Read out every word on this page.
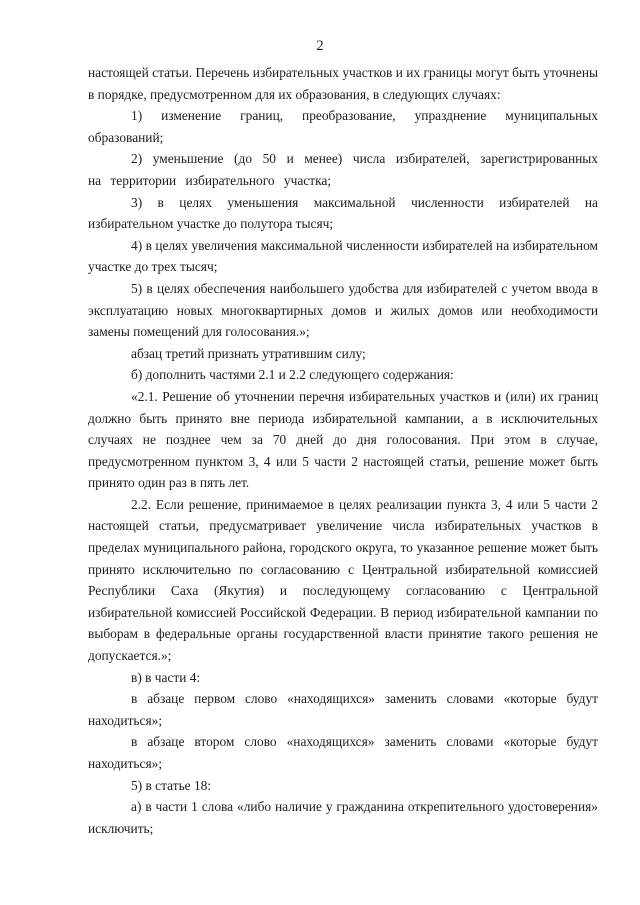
2

настоящей статьи. Перечень избирательных участков и их границы могут быть уточнены в порядке, предусмотренном для их образования, в следующих случаях:

1) изменение границ, преобразование, упразднение муниципальных образований;

2) уменьшение (до 50 и менее) числа избирателей, зарегистрированных на территории избирательного участка;

3) в целях уменьшения максимальной численности избирателей на избирательном участке до полутора тысяч;

4) в целях увеличения максимальной численности избирателей на избирательном участке до трех тысяч;

5) в целях обеспечения наибольшего удобства для избирателей с учетом ввода в эксплуатацию новых многоквартирных домов и жилых домов или необходимости замены помещений для голосования.»;

абзац третий признать утратившим силу;

б) дополнить частями 2.1 и 2.2 следующего содержания:

«2.1. Решение об уточнении перечня избирательных участков и (или) их границ должно быть принято вне периода избирательной кампании, а в исключительных случаях не позднее чем за 70 дней до дня голосования. При этом в случае, предусмотренном пунктом 3, 4 или 5 части 2 настоящей статьи, решение может быть принято один раз в пять лет.

2.2. Если решение, принимаемое в целях реализации пункта 3, 4 или 5 части 2 настоящей статьи, предусматривает увеличение числа избирательных участков в пределах муниципального района, городского округа, то указанное решение может быть принято исключительно по согласованию с Центральной избирательной комиссией Республики Саха (Якутия) и последующему согласованию с Центральной избирательной комиссией Российской Федерации. В период избирательной кампании по выборам в федеральные органы государственной власти принятие такого решения не допускается.»;

в) в части 4:

в абзаце первом слово «находящихся» заменить словами «которые будут находиться»;

в абзаце втором слово «находящихся» заменить словами «которые будут находиться»;

5) в статье 18:

а) в части 1 слова «либо наличие у гражданина открепительного удостоверения» исключить;
